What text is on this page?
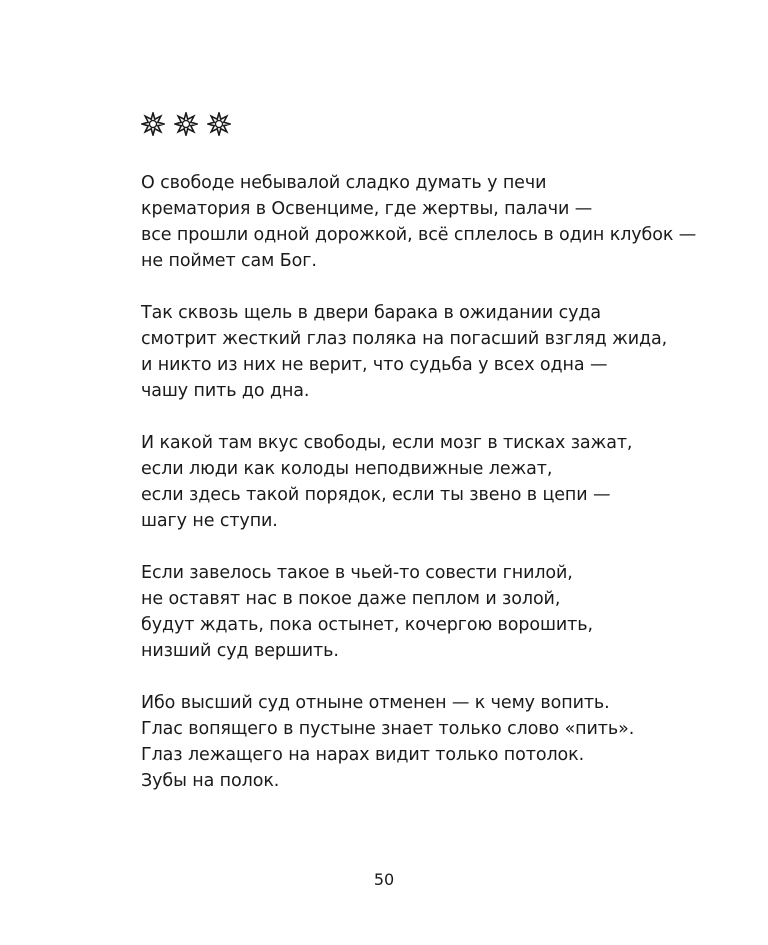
О свободе небывалой сладко думать у печи
крематория в Освенциме, где жертвы, палачи —
все прошли одной дорожкой, всё сплелось в один клубок —
не поймет сам Бог.
Так сквозь щель в двери барака в ожидании суда
смотрит жесткий глаз поляка на погасший взгляд жида,
и никто из них не верит, что судьба у всех одна —
чашу пить до дна.
И какой там вкус свободы, если мозг в тисках зажат,
если люди как колоды неподвижные лежат,
если здесь такой порядок, если ты звено в цепи —
шагу не ступи.
Если завелось такое в чьей-то совести гнилой,
не оставят нас в покое даже пеплом и золой,
будут ждать, пока остынет, кочергою ворошить,
низший суд вершить.
Ибо высший суд отныне отменен — к чему вопить.
Глас вопящего в пустыне знает только слово «пить».
Глаз лежащего на нарах видит только потолок.
Зубы на полок.
50
